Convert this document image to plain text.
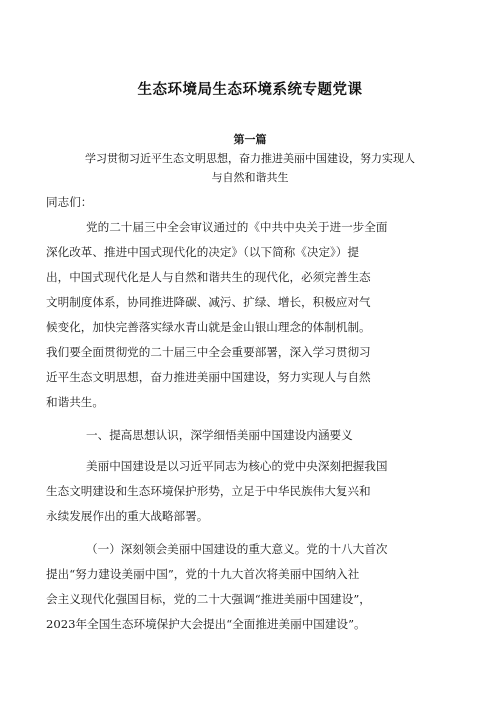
生态环境局生态环境系统专题党课
第一篇
学习贯彻习近平生态文明思想，奋力推进美丽中国建设，努力实现人
与自然和谐共生
同志们：
党的二十届三中全会审议通过的《中共中央关于进一步全面
深化改革、推进中国式现代化的决定》（以下简称《决定》）提
出，中国式现代化是人与自然和谐共生的现代化，必须完善生态
文明制度体系，协同推进降碳、减污、扩绿、增长，积极应对气
候变化，加快完善落实绿水青山就是金山银山理念的体制机制。
我们要全面贯彻党的二十届三中全会重要部署，深入学习贯彻习
近平生态文明思想，奋力推进美丽中国建设，努力实现人与自然
和谐共生。
一、提高思想认识，深学细悟美丽中国建设内涵要义
美丽中国建设是以习近平同志为核心的党中央深刻把握我国
生态文明建设和生态环境保护形势，立足于中华民族伟大复兴和
永续发展作出的重大战略部署。
（一）深刻领会美丽中国建设的重大意义。党的十八大首次
提出“努力建设美丽中国”，党的十九大首次将美丽中国纳入社
会主义现代化强国目标，党的二十大强调“推进美丽中国建设”，
2023年全国生态环境保护大会提出“全面推进美丽中国建设”。
